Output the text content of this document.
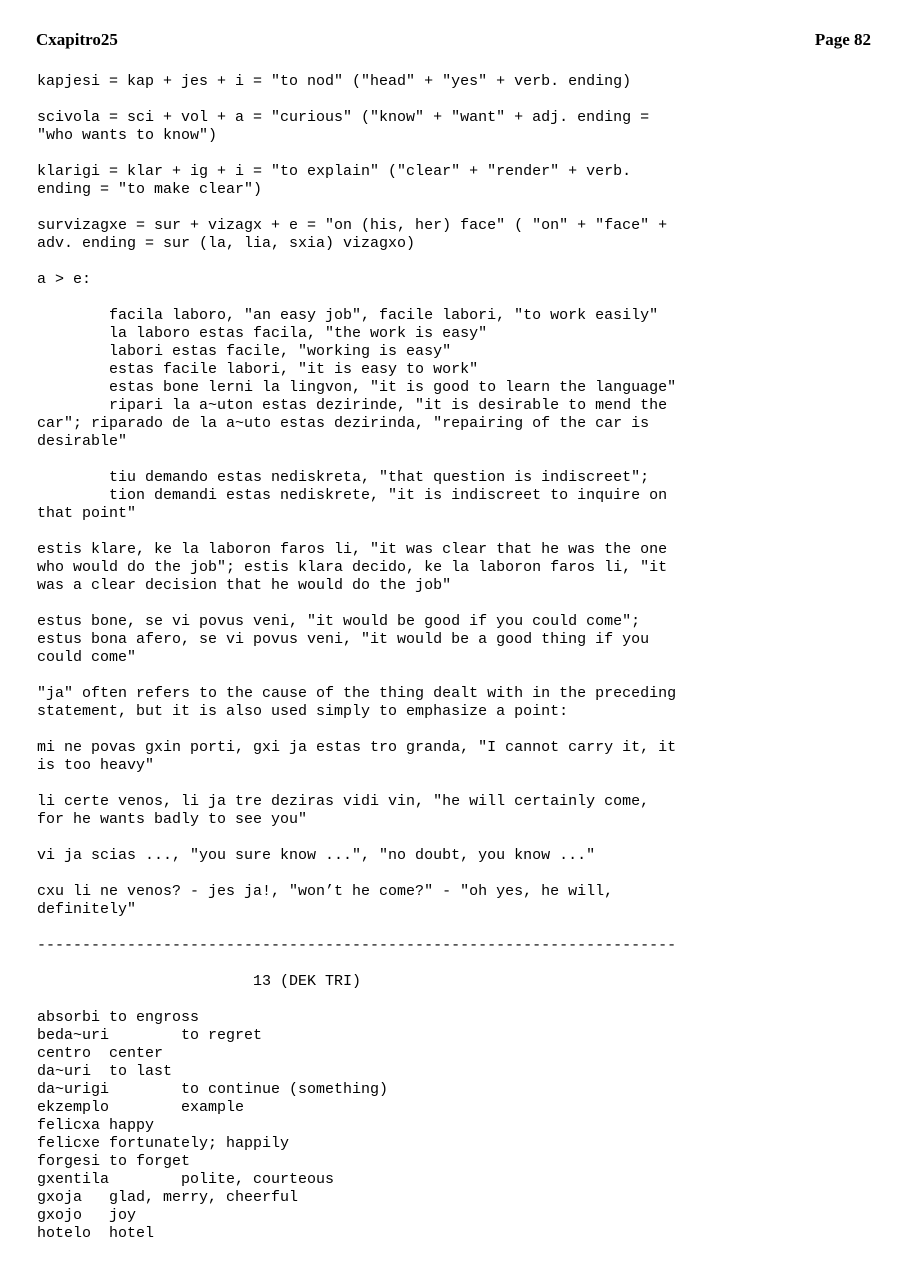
Cxapitro25	Page 82
kapjesi = kap + jes + i = "to nod" ("head" + "yes" + verb. ending)
scivola = sci + vol + a = "curious" ("know" + "want" + adj. ending =
"who wants to know")
klarigi = klar + ig + i = "to explain" ("clear" + "render" + verb.
ending = "to make clear")
survizagxe = sur + vizagx + e = "on (his, her) face" ( "on" + "face" +
adv. ending = sur (la, lia, sxia) vizagxo)
a > e:
facila laboro, "an easy job", facile labori, "to work easily"
la laboro estas facila, "the work is easy"
labori estas facile, "working is easy"
estas facile labori, "it is easy to work"
estas bone lerni la lingvon, "it is good to learn the language"
ripari la a~uton estas dezirinde, "it is desirable to mend the
car"; riparado de la a~uto estas dezirinda, "repairing of the car is
desirable"
tiu demando estas nediskreta, "that question is indiscreet";
tion demandi estas nediskrete, "it is indiscreet to inquire on
that point"
estis klare, ke la laboron faros li, "it was clear that he was the one
who would do the job"; estis klara decido, ke la laboron faros li, "it
was a clear decision that he would do the job"
estus bone, se vi povus veni, "it would be good if you could come";
estus bona afero, se vi povus veni, "it would be a good thing if you
could come"
"ja" often refers to the cause of the thing dealt with in the preceding
statement, but it is also used simply to emphasize a point:
mi ne povas gxin porti, gxi ja estas tro granda, "I cannot carry it, it
is too heavy"
li certe venos, li ja tre deziras vidi vin, "he will certainly come,
for he wants badly to see you"
vi ja scias ..., "you sure know ...", "no doubt, you know ..."
cxu li ne venos? - jes ja!, "won’t he come?" - "oh yes, he will,
definitely"
-----------------------------------------------------------------------
13 (DEK TRI)
absorbi to engross
beda~uri        to regret
centro  center
da~uri  to last
da~urigi        to continue (something)
ekzemplo        example
felicxa happy
felicxe fortunately; happily
forgesi to forget
gxentila        polite, courteous
gxoja   glad, merry, cheerful
gxojo   joy
hotelo  hotel
